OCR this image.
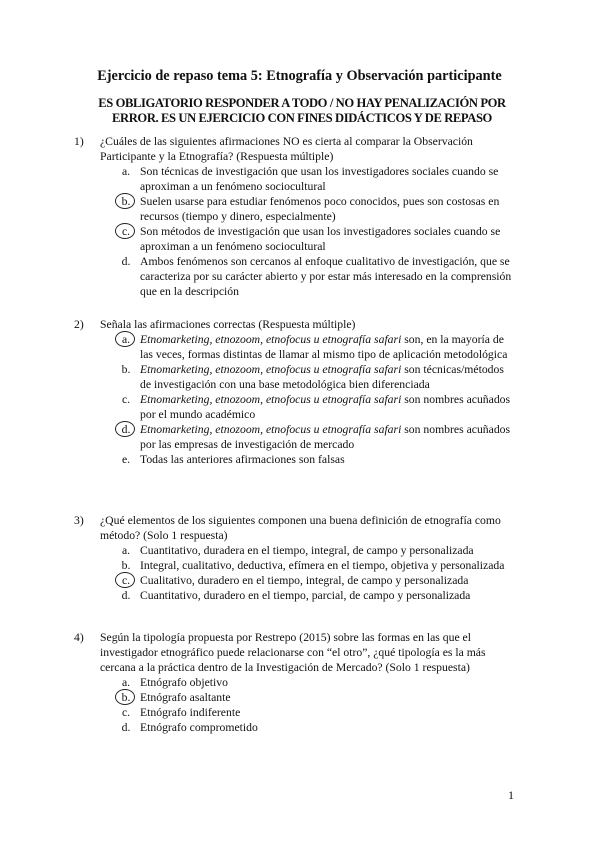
Ejercicio de repaso tema 5: Etnografía y Observación participante
ES OBLIGATORIO RESPONDER A TODO / NO HAY PENALIZACIÓN POR
ERROR. ES UN EJERCICIO CON FINES DIDÁCTICOS Y DE REPASO
1) ¿Cuáles de las siguientes afirmaciones NO es cierta al comparar la Observación Participante y la Etnografía? (Respuesta múltiple)
a. Son técnicas de investigación que usan los investigadores sociales cuando se aproximan a un fenómeno sociocultural
b. Suelen usarse para estudiar fenómenos poco conocidos, pues son costosas en recursos (tiempo y dinero, especialmente)
c. Son métodos de investigación que usan los investigadores sociales cuando se aproximan a un fenómeno sociocultural
d. Ambos fenómenos son cercanos al enfoque cualitativo de investigación, que se caracteriza por su carácter abierto y por estar más interesado en la comprensión que en la descripción
2) Señala las afirmaciones correctas (Respuesta múltiple)
a. Etnomarketing, etnozoom, etnofocus u etnografía safari son, en la mayoría de las veces, formas distintas de llamar al mismo tipo de aplicación metodológica
b. Etnomarketing, etnozoom, etnofocus u etnografía safari son técnicas/métodos de investigación con una base metodológica bien diferenciada
c. Etnomarketing, etnozoom, etnofocus u etnografía safari son nombres acuñados por el mundo académico
d. Etnomarketing, etnozoom, etnofocus u etnografía safari son nombres acuñados por las empresas de investigación de mercado
e. Todas las anteriores afirmaciones son falsas
3) ¿Qué elementos de los siguientes componen una buena definición de etnografía como método? (Solo 1 respuesta)
a. Cuantitativo, duradera en el tiempo, integral, de campo y personalizada
b. Integral, cualitativo, deductiva, efímera en el tiempo, objetiva y personalizada
c. Cualitativo, duradero en el tiempo, integral, de campo y personalizada
d. Cuantitativo, duradero en el tiempo, parcial, de campo y personalizada
4) Según la tipología propuesta por Restrepo (2015) sobre las formas en las que el investigador etnográfico puede relacionarse con “el otro”, ¿qué tipología es la más cercana a la práctica dentro de la Investigación de Mercado? (Solo 1 respuesta)
a. Etnógrafo objetivo
b. Etnógrafo asaltante
c. Etnógrafo indiferente
d. Etnógrafo comprometido
1
